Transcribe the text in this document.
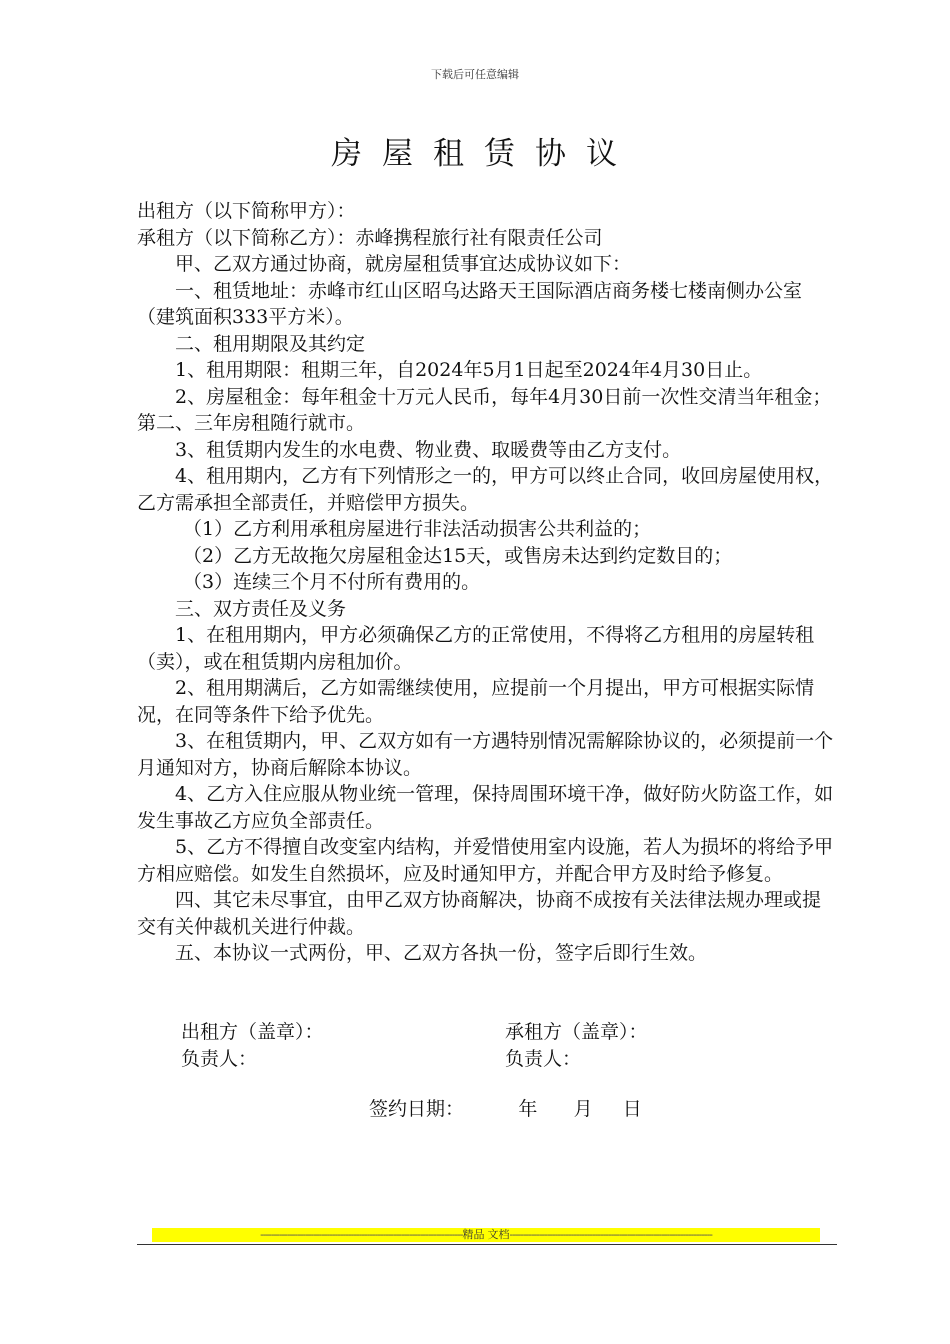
下载后可任意编辑
房屋租赁协议

出租方（以下简称甲方）：

承租方（以下简称乙方）：赤峰携程旅行社有限责任公司

甲、乙双方通过协商，就房屋租赁事宜达成协议如下：

一、租赁地址：赤峰市红山区昭乌达路天王国际酒店商务楼七楼南侧办公室（建筑面积333平方米）。

二、租用期限及其约定

1、租用期限：租期三年，自2024年5月1日起至2024年4月30日止。

2、房屋租金：每年租金十万元人民币，每年4月30日前一次性交清当年租金；第二、三年房租随行就市。

3、租赁期内发生的水电费、物业费、取暖费等由乙方支付。

4、租用期内，乙方有下列情形之一的，甲方可以终止合同，收回房屋使用权，乙方需承担全部责任，并赔偿甲方损失。

（1）乙方利用承租房屋进行非法活动损害公共利益的；

（2）乙方无故拖欠房屋租金达15天，或售房未达到约定数目的；

（3）连续三个月不付所有费用的。

三、双方责任及义务

1、在租用期内，甲方必须确保乙方的正常使用，不得将乙方租用的房屋转租（卖），或在租赁期内房租加价。

2、租用期满后，乙方如需继续使用，应提前一个月提出，甲方可根据实际情况，在同等条件下给予优先。

3、在租赁期内，甲、乙双方如有一方遇特别情况需解除协议的，必须提前一个月通知对方，协商后解除本协议。

4、乙方入住应服从物业统一管理，保持周围环境干净，做好防火防盗工作，如发生事故乙方应负全部责任。

5、乙方不得擅自改变室内结构，并爱惜使用室内设施，若人为损坏的将给予甲方相应赔偿。如发生自然损坏，应及时通知甲方，并配合甲方及时给予修复。

四、其它未尽事宜，由甲乙双方协商解决，协商不成按有关法律法规办理或提交有关仲裁机关进行仲裁。

五、本协议一式两份，甲、乙双方各执一份，签字后即行生效。

出租方（盖章）：

负责人：

承租方（盖章）：

负责人：

签约日期：         年      月     日
----------------------------------------------------------------------------精品 文档----------------------------------------------------------------------------
